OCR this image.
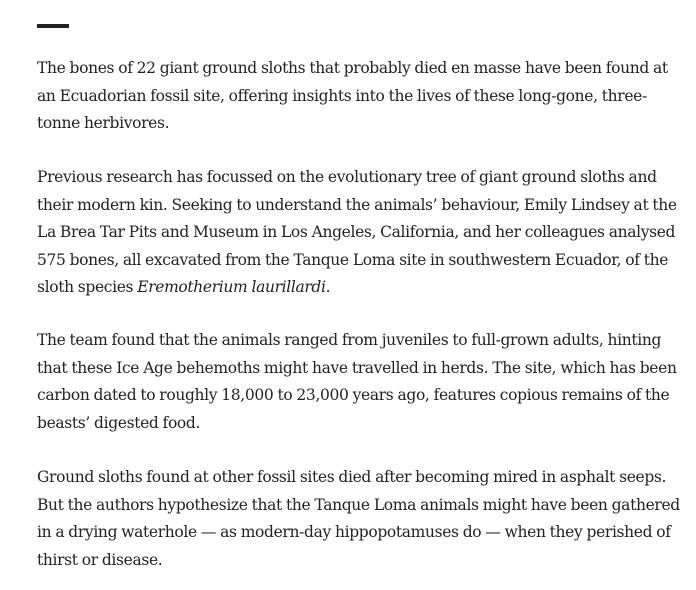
The bones of 22 giant ground sloths that probably died en masse have been found at an Ecuadorian fossil site, offering insights into the lives of these long-gone, three-tonne herbivores.

Previous research has focussed on the evolutionary tree of giant ground sloths and their modern kin. Seeking to understand the animals’ behaviour, Emily Lindsey at the La Brea Tar Pits and Museum in Los Angeles, California, and her colleagues analysed 575 bones, all excavated from the Tanque Loma site in southwestern Ecuador, of the sloth species Eremotherium laurillardi.

The team found that the animals ranged from juveniles to full-grown adults, hinting that these Ice Age behemoths might have travelled in herds. The site, which has been carbon dated to roughly 18,000 to 23,000 years ago, features copious remains of the beasts’ digested food.

Ground sloths found at other fossil sites died after becoming mired in asphalt seeps. But the authors hypothesize that the Tanque Loma animals might have been gathered in a drying waterhole — as modern-day hippopotamuses do — when they perished of thirst or disease.
